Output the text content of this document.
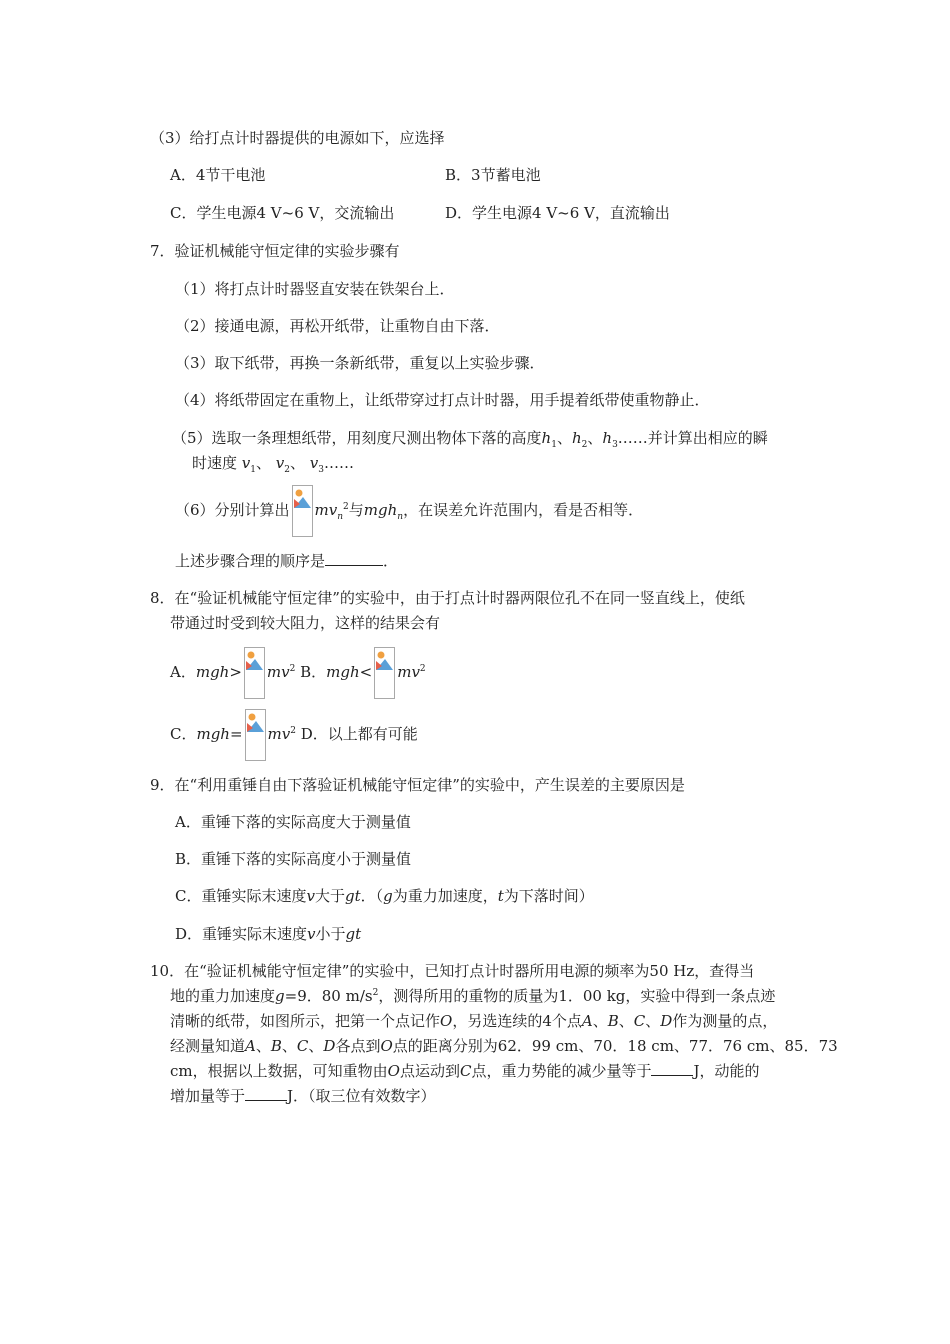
（3）给打点计时器提供的电源如下，应选择
A．4节干电池	B．3节蓄电池
C．学生电源4 V~6 V，交流输出	D．学生电源4 V~6 V，直流输出
7．验证机械能守恒定律的实验步骤有
（1）将打点计时器竖直安装在铁架台上．
（2）接通电源，再松开纸带，让重物自由下落．
（3）取下纸带，再换一条新纸带，重复以上实验步骤．
（4）将纸带固定在重物上，让纸带穿过打点计时器，用手提着纸带使重物静止．
（5）选取一条理想纸带，用刻度尺测出物体下落的高度$h_1$、$h_2$、$h_3\dots\dots$并计算出相应的瞬
时速度 $v_1$、 $v_2$、 $v_3\dots\dots$
（6）分别计算出 $mv_n^2$与mgh$_n$，在误差允许范围内，看是否相等．
上述步骤合理的顺序是	．
8．在“验证机械能守恒定律”的实验中，由于打点计时器两限位孔不在同一竖直线上，使纸
带通过时受到较大阻力，这样的结果会有
A．$mgh> mv^2$ B．$mgh< mv^2$
C．$mgh= mv^2$ D．以上都有可能
9．在“利用重锤自由下落验证机械能守恒定律”的实验中，产生误差的主要原因是
A．重锤下落的实际高度大于测量值
B．重锤下落的实际高度小于测量值
C．重锤实际末速度v大于gt．（g为重力加速度，t为下落时间）
D．重锤实际末速度v小于gt
10．在“验证机械能守恒定律”的实验中，已知打点计时器所用电源的频率为50 Hz，查得当
地的重力加速度g=9．80 $m/s^2$，测得所用的重物的质量为1．00 kg，实验中得到一条点迹
清晰的纸带，如图所示，把第一个点记作O，另选连续的4个点A、B、C、D作为测量的点，
经测量知道A、B、C、D各点到O点的距离分别为62．99 cm、70．18 cm、77．76 cm、85．73
cm，根据以上数据，可知重物由O点运动到C点，重力势能的减少量等于	J，动能的
增加量等于	J．（取三位有效数字）
